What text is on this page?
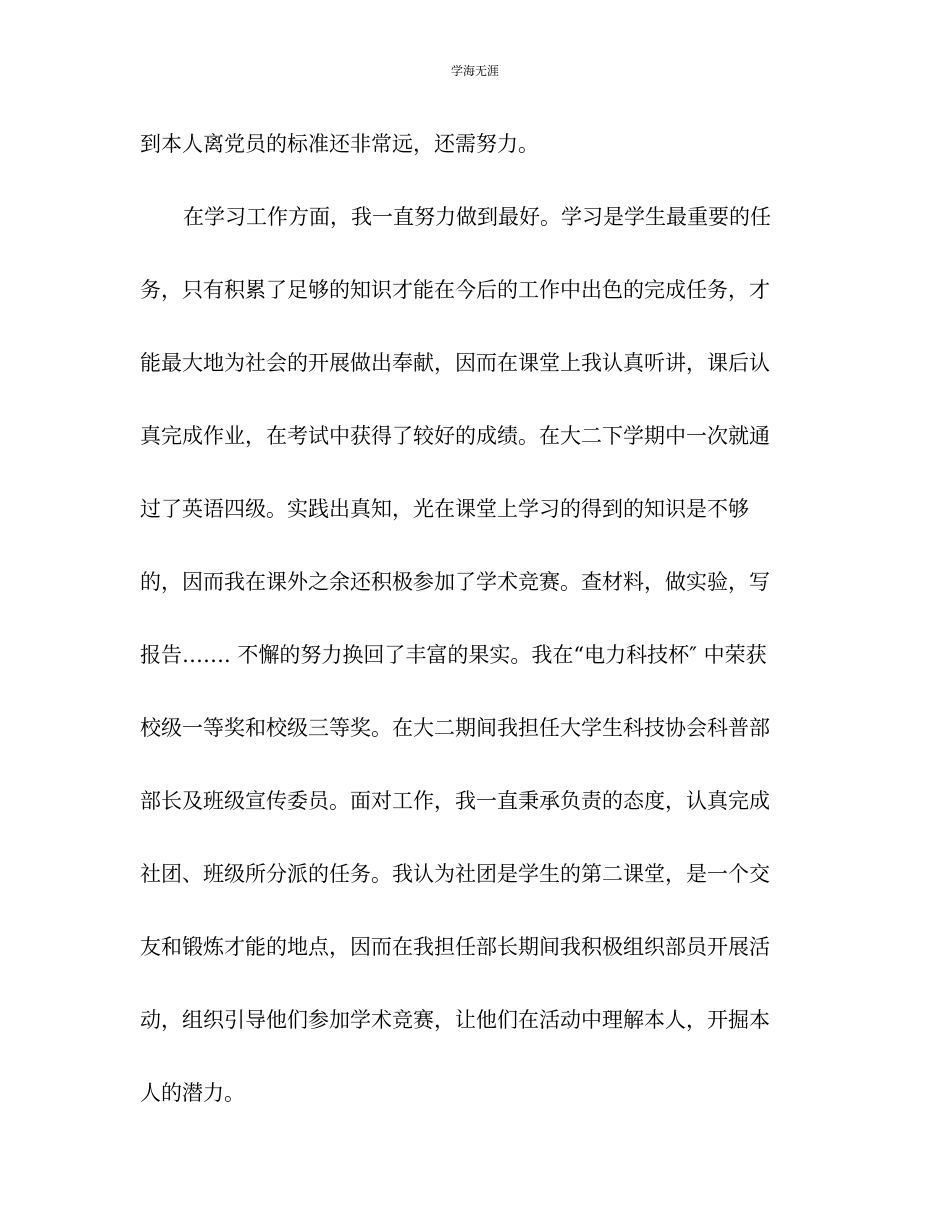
学海无涯
到本人离党员的标准还非常远，还需努力。
在学习工作方面，我一直努力做到最好。学习是学生最重要的任
务，只有积累了足够的知识才能在今后的工作中出色的完成任务，才
能最大地为社会的开展做出奉献，因而在课堂上我认真听讲，课后认
真完成作业，在考试中获得了较好的成绩。在大二下学期中一次就通
过了英语四级。实践出真知，光在课堂上学习的得到的知识是不够
的，因而我在课外之余还积极参加了学术竞赛。查材料，做实验，写
报告……. 不懈的努力换回了丰富的果实。我在“电力科技杯″ 中荣获
校级一等奖和校级三等奖。在大二期间我担任大学生科技协会科普部
部长及班级宣传委员。面对工作，我一直秉承负责的态度，认真完成
社团、班级所分派的任务。我认为社团是学生的第二课堂，是一个交
友和锻炼才能的地点，因而在我担任部长期间我积极组织部员开展活
动，组织引导他们参加学术竞赛，让他们在活动中理解本人，开掘本
人的潜力。
